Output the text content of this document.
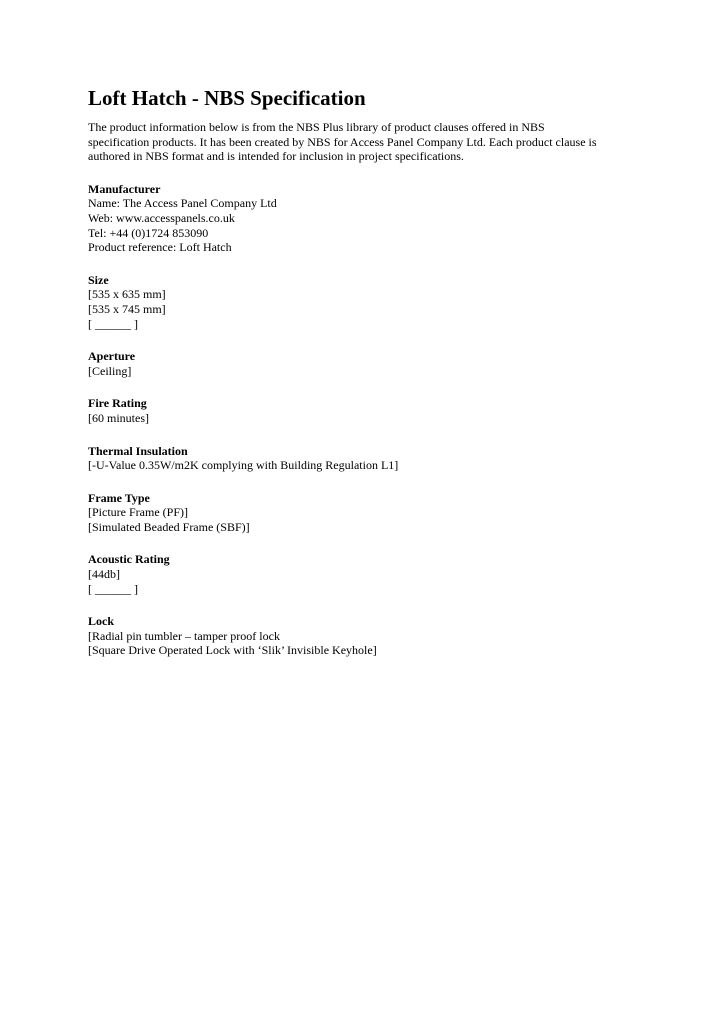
Loft Hatch - NBS Specification
The product information below is from the NBS Plus library of product clauses offered in NBS
specification products. It has been created by NBS for Access Panel Company Ltd. Each product clause is
authored in NBS format and is intended for inclusion in project specifications.
Manufacturer
Name: The Access Panel Company Ltd
Web: www.accesspanels.co.uk
Tel: +44 (0)1724 853090
Product reference: Loft Hatch
Size
[535 x 635 mm]
[535 x 745 mm]
[ ______ ]
Aperture
[Ceiling]
Fire Rating
[60 minutes]
Thermal Insulation
[-U-Value 0.35W/m2K complying with Building Regulation L1]
Frame Type
[Picture Frame (PF)]
[Simulated Beaded Frame (SBF)]
Acoustic Rating
[44db]
[ ______ ]
Lock
[Radial pin tumbler – tamper proof lock
[Square Drive Operated Lock with ‘Slik’ Invisible Keyhole]
